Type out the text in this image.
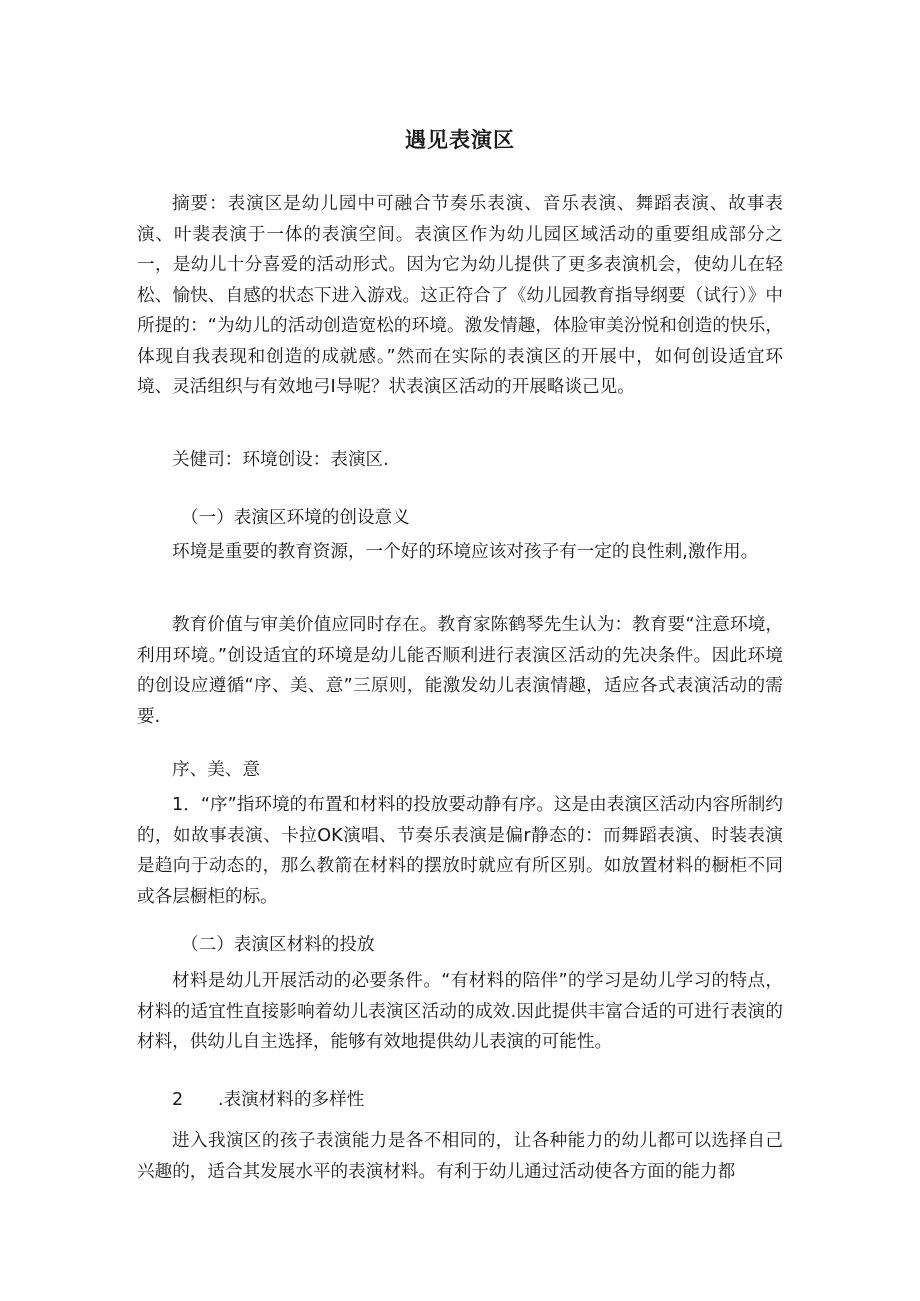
遇见表演区

摘要：表演区是幼儿园中可融合节奏乐表演、音乐表演、舞蹈表演、故事表演、叶裴表演于一体的表演空间。表演区作为幼儿园区域活动的重要组成部分之一，是幼儿十分喜爱的活动形式。因为它为幼儿提供了更多表演机会，使幼儿在轻松、愉快、自感的状态下进入游戏。这正符合了《幼儿园教育指导纲要（试行）》中所提的：“为幼儿的活动创造宽松的环境。激发情趣，体脸审美汾悦和创造的快乐，体现自我表现和创造的成就感。”然而在实际的表演区的开展中，如何创设适宜环境、灵活组织与有效地弓I导呢？状表演区活动的开展略谈己见。

关健司：环境创设：表演区.

（一）表演区环境的创设意义

环境是重要的教育资源，一个好的环境应该对孩子有一定的良性刺,激作用。

教育价值与审美价值应同时存在。教育家陈鹤琴先生认为：教育要“注意环境，利用环境。”创设适宜的环境是幼儿能否顺利进行表演区活动的先决条件。因此环境的创设应遵循“序、美、意”三原则，能激发幼儿表演情趣，适应各式表演活动的需要.

序、美、意

1．“序”指环境的布置和材料的投放要动静有序。这是由表演区活动内容所制约的，如故事表演、卡拉OK演唱、节奏乐表演是偏r静态的：而舞蹈表演、时装表演是趋向于动态的，那么教箭在材料的摆放时就应有所区别。如放置材料的橱柜不同或各层橱柜的标。

（二）表演区材料的投放

材料是幼儿开展活动的必要条件。“有材料的陪伴”的学习是幼儿学习的特点，材料的适宜性直接影响着幼儿表演区活动的成效.因此提供丰富合适的可进行表演的材料，供幼儿自主选择，能够有效地提供幼儿表演的可能性。

2 .表演材料的多样性

进入我演区的孩子表演能力是各不相同的，让各种能力的幼儿都可以选择自己兴趣的，适合其发展水平的表演材料。有利于幼儿通过活动使各方面的能力都
